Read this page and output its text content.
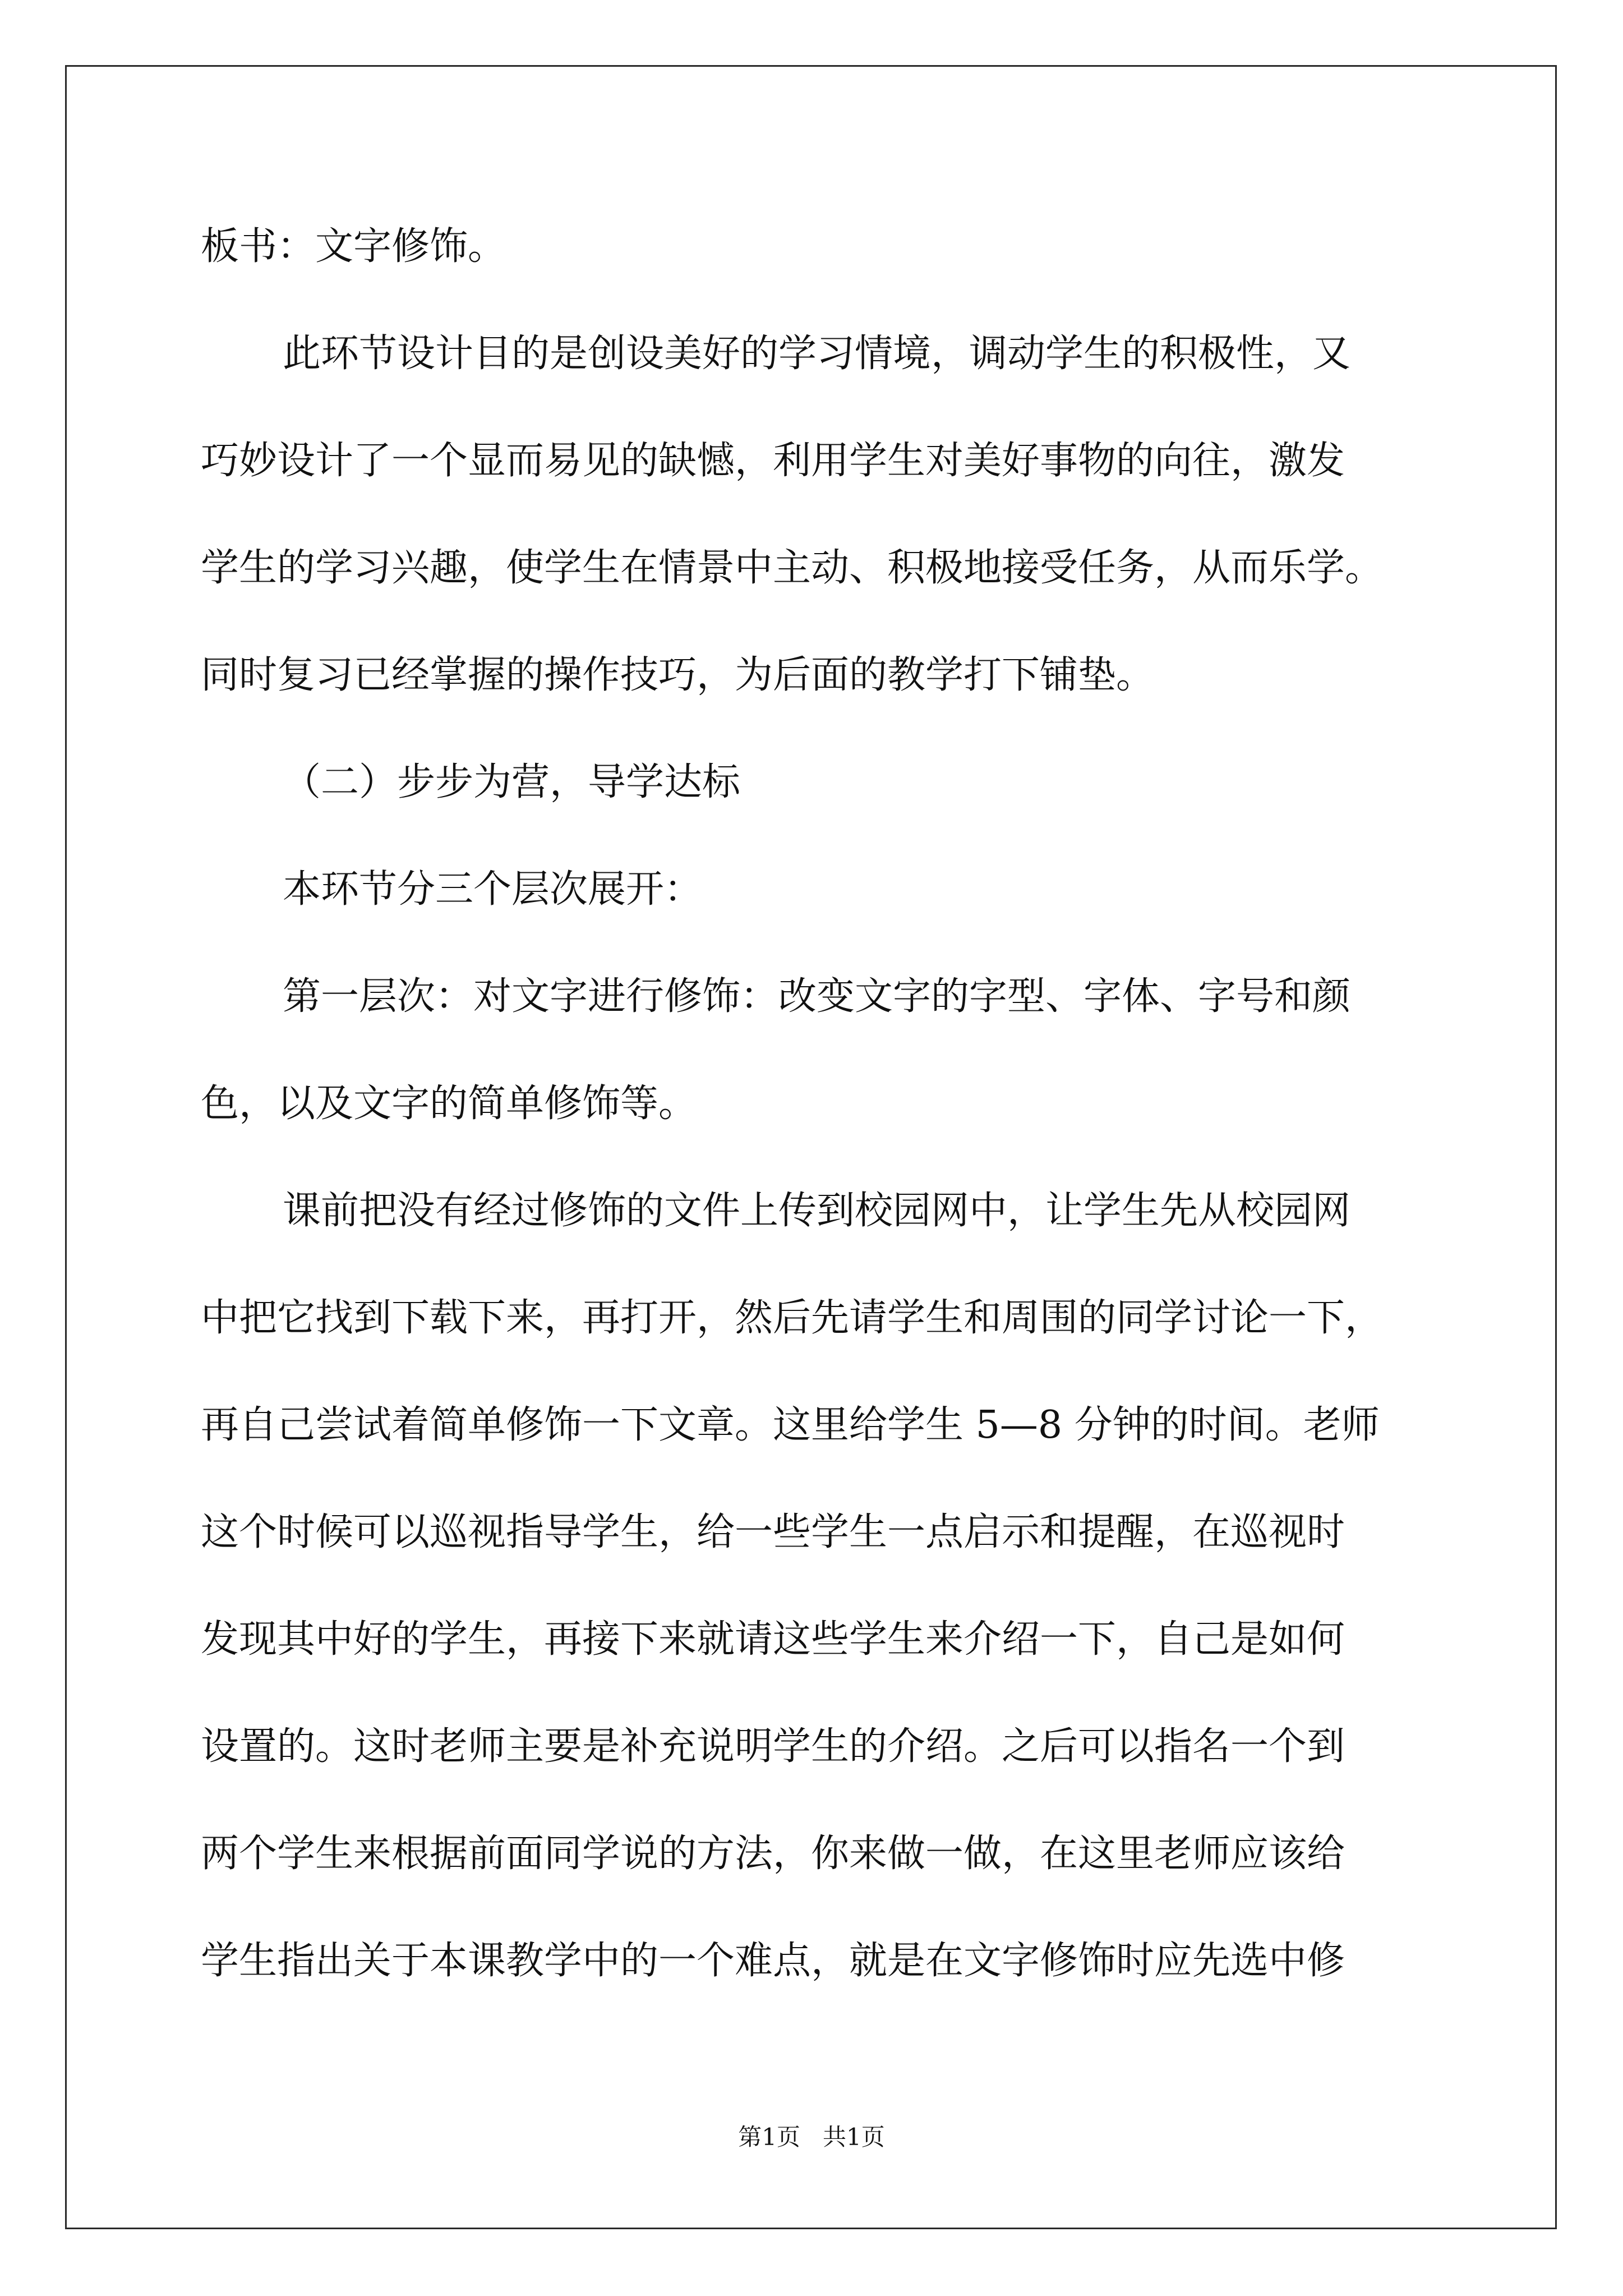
板书：文字修饰。
此环节设计目的是创设美好的学习情境，调动学生的积极性，又
巧妙设计了一个显而易见的缺憾，利用学生对美好事物的向往，激发
学生的学习兴趣，使学生在情景中主动、积极地接受任务，从而乐学。
同时复习已经掌握的操作技巧，为后面的教学打下铺垫。
（二）步步为营，导学达标
本环节分三个层次展开：
第一层次：对文字进行修饰：改变文字的字型、字体、字号和颜
色，以及文字的简单修饰等。
课前把没有经过修饰的文件上传到校园网中，让学生先从校园网
中把它找到下载下来，再打开，然后先请学生和周围的同学讨论一下，
再自己尝试着简单修饰一下文章。这里给学生 5—8 分钟的时间。老师
这个时候可以巡视指导学生，给一些学生一点启示和提醒，在巡视时
发现其中好的学生，再接下来就请这些学生来介绍一下，自己是如何
设置的。这时老师主要是补充说明学生的介绍。之后可以指名一个到
两个学生来根据前面同学说的方法，你来做一做，在这里老师应该给
学生指出关于本课教学中的一个难点，就是在文字修饰时应先选中修
第1页 共1页
